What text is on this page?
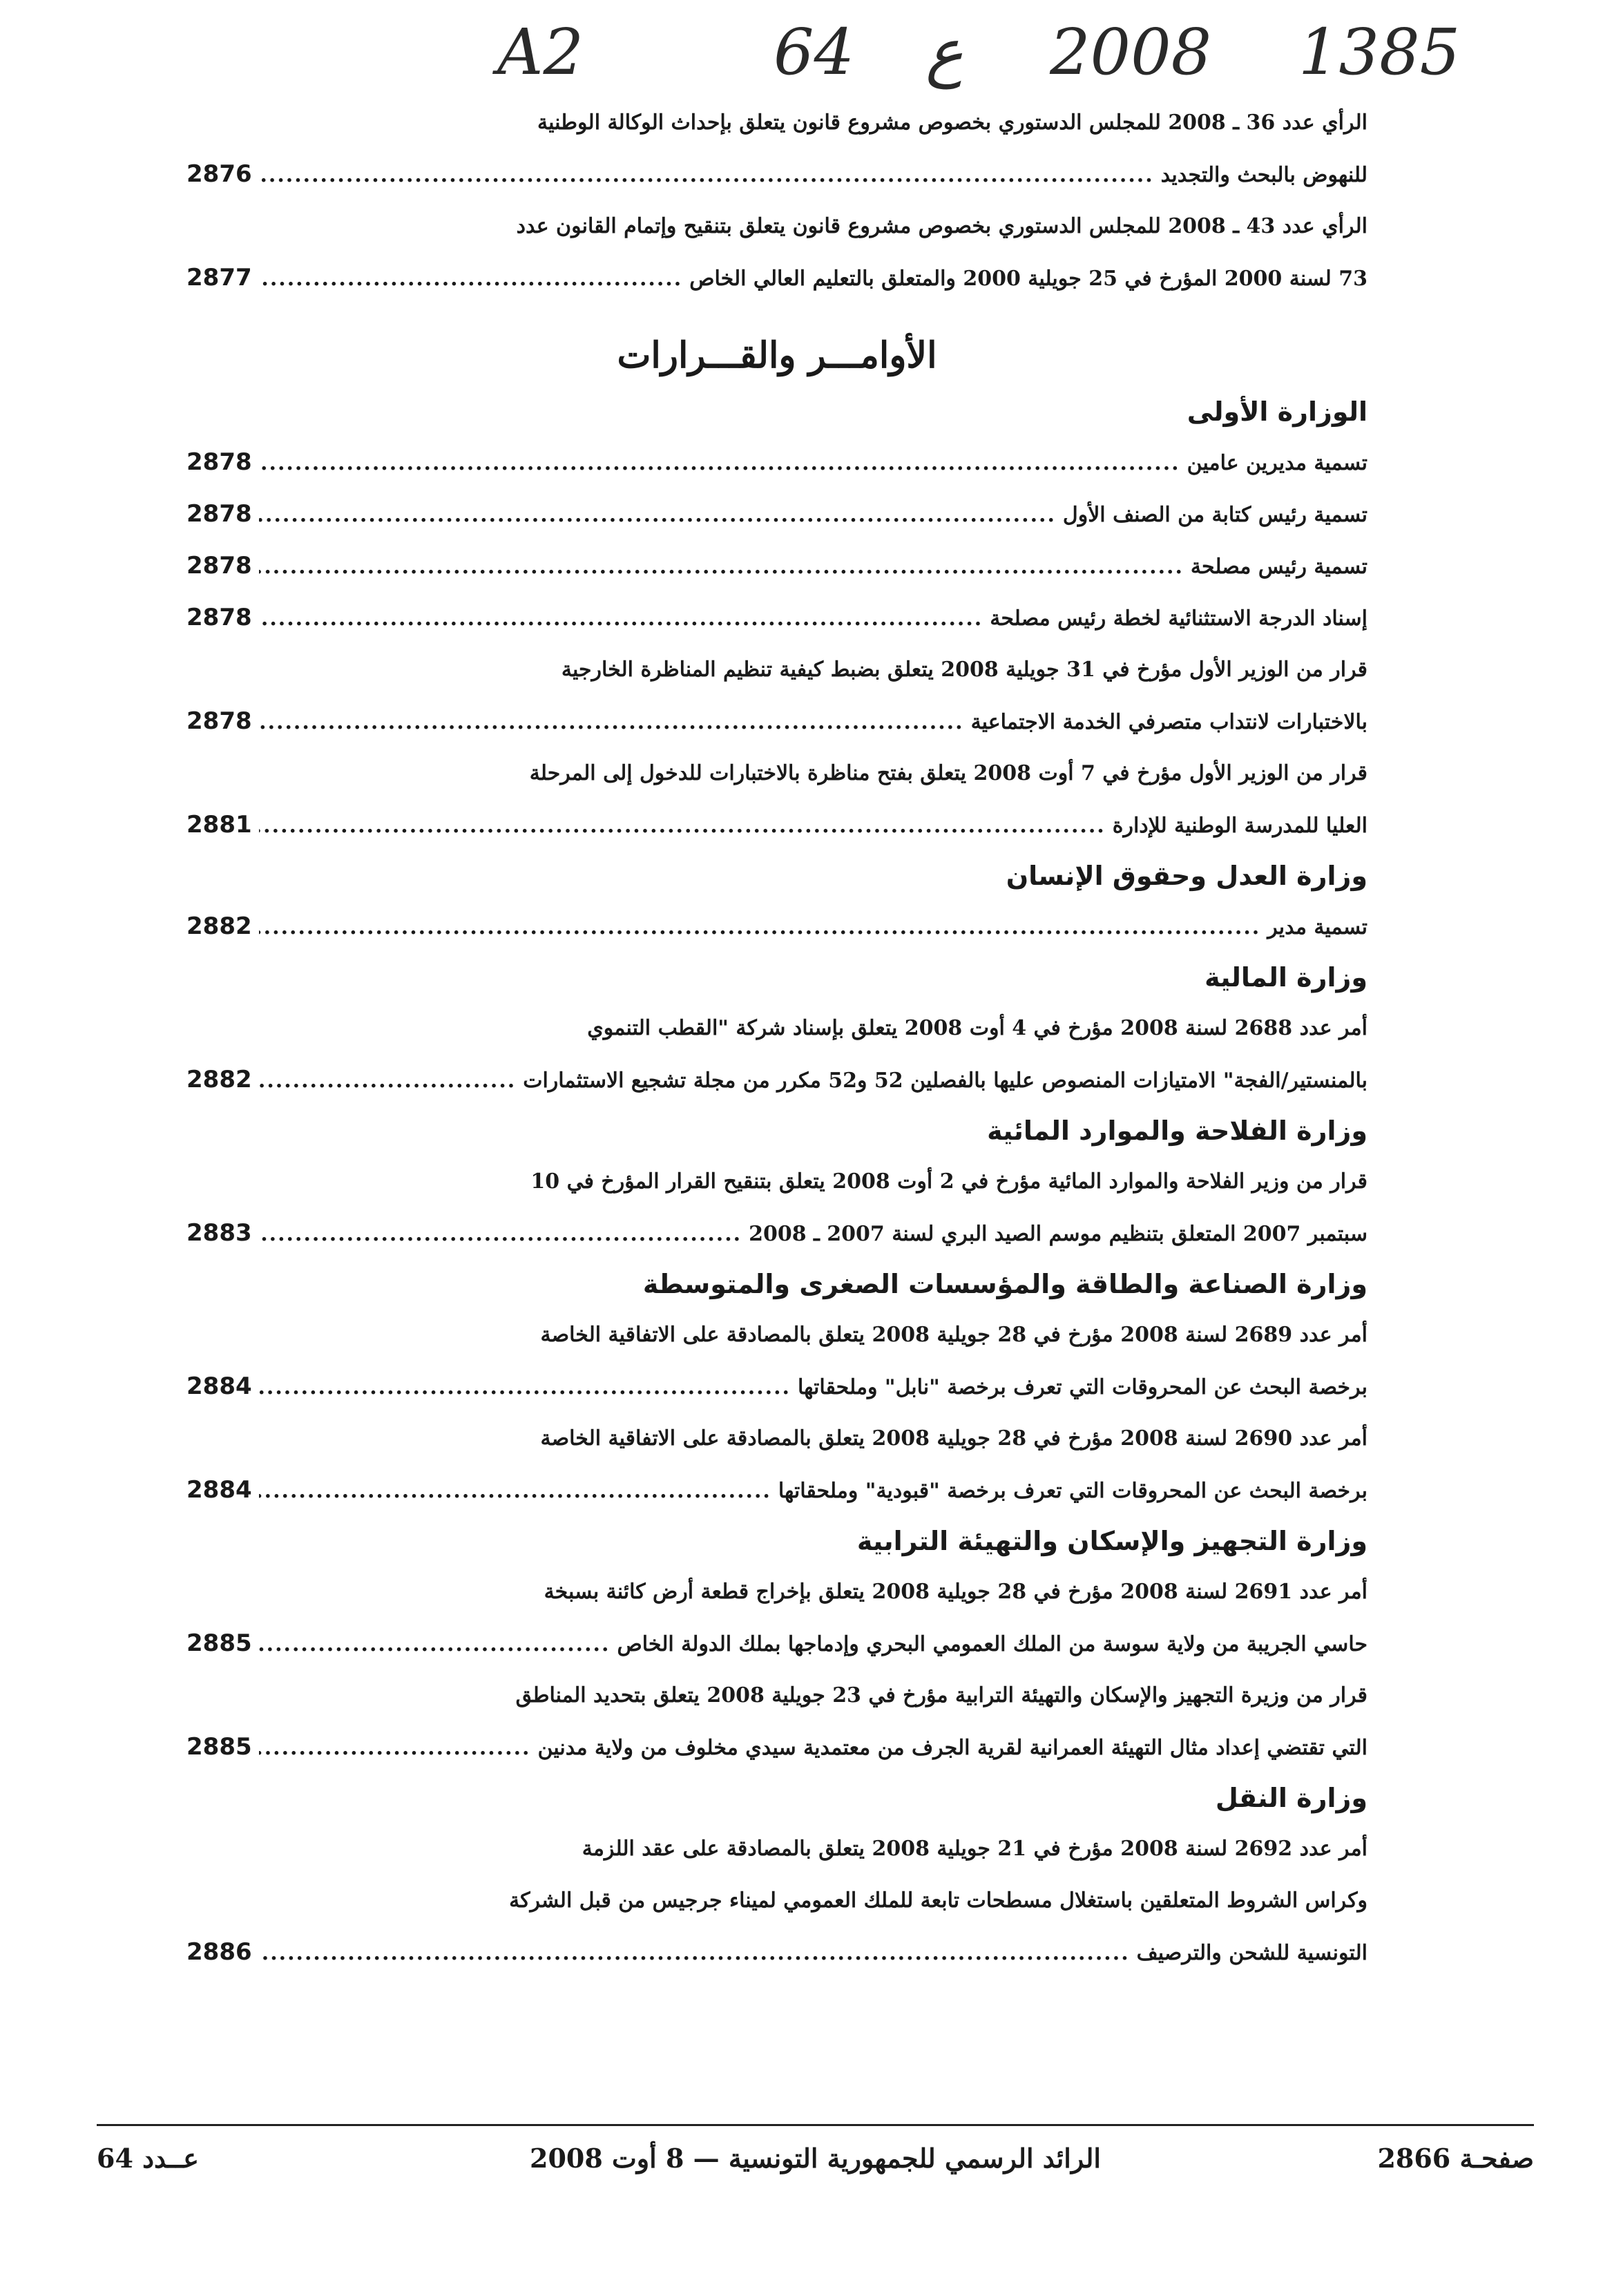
A2	64 ع 2008 1385
الرأي عدد 36 ـ 2008 للمجلس الدستوري بخصوص مشروع قانون يتعلق بإحداث الوكالة الوطنية
للنهوض بالبحث والتجديد
.....
2876
الرأي عدد 43 ـ 2008 للمجلس الدستوري بخصوص مشروع قانون يتعلق بتنقيح وإتمام القانون عدد
73 لسنة 2000 المؤرخ في 25 جويلية 2000 والمتعلق بالتعليم العالي الخاص
.....
2877
الأوامـــر والقـــرارات
الوزارة الأولى
تسمية مديرين عامين
.....
2878
تسمية رئيس كتابة من الصنف الأول
.....
2878
تسمية رئيس مصلحة
.....
2878
إسناد الدرجة الاستثنائية لخطة رئيس مصلحة
.....
2878
قرار من الوزير الأول مؤرخ في 31 جويلية 2008 يتعلق بضبط كيفية تنظيم المناظرة الخارجية
بالاختبارات لانتداب متصرفي الخدمة الاجتماعية
.....
2878
قرار من الوزير الأول مؤرخ في 7 أوت 2008 يتعلق بفتح مناظرة بالاختبارات للدخول إلى المرحلة
العليا للمدرسة الوطنية للإدارة
.....
2881
وزارة العدل وحقوق الإنسان
تسمية مدير
.....
2882
وزارة المالية
أمر عدد 2688 لسنة 2008 مؤرخ في 4 أوت 2008 يتعلق بإسناد شركة "القطب التنموي
بالمنستير/الفجة" الامتيازات المنصوص عليها بالفصلين 52 و52 مكرر من مجلة تشجيع الاستثمارات
.....
2882
وزارة الفلاحة والموارد المائية
قرار من وزير الفلاحة والموارد المائية مؤرخ في 2 أوت 2008 يتعلق بتنقيح القرار المؤرخ في 10
سبتمبر 2007 المتعلق بتنظيم موسم الصيد البري لسنة 2007 ـ 2008
.....
2883
وزارة الصناعة والطاقة والمؤسسات الصغرى والمتوسطة
أمر عدد 2689 لسنة 2008 مؤرخ في 28 جويلية 2008 يتعلق بالمصادقة على الاتفاقية الخاصة
برخصة البحث عن المحروقات التي تعرف برخصة "نابل" وملحقاتها
.....
2884
أمر عدد 2690 لسنة 2008 مؤرخ في 28 جويلية 2008 يتعلق بالمصادقة على الاتفاقية الخاصة
برخصة البحث عن المحروقات التي تعرف برخصة "قبودية" وملحقاتها
.....
2884
وزارة التجهيز والإسكان والتهيئة الترابية
أمر عدد 2691 لسنة 2008 مؤرخ في 28 جويلية 2008 يتعلق بإخراج قطعة أرض كائنة بسبخة
حاسي الجريبة من ولاية سوسة من الملك العمومي البحري وإدماجها بملك الدولة الخاص
.....
2885
قرار من وزيرة التجهيز والإسكان والتهيئة الترابية مؤرخ في 23 جويلية 2008 يتعلق بتحديد المناطق
التي تقتضي إعداد مثال التهيئة العمرانية لقرية الجرف من معتمدية سيدي مخلوف من ولاية مدنين
.....
2885
وزارة النقل
أمر عدد 2692 لسنة 2008 مؤرخ في 21 جويلية 2008 يتعلق بالمصادقة على عقد اللزمة
وكراس الشروط المتعلقين باستغلال مسطحات تابعة للملك العمومي لميناء جرجيس من قبل الشركة
التونسية للشحن والترصيف
.....
2886
صفحـة 2866
الرائد الرسمي للجمهورية التونسية — 8 أوت 2008
عــدد 64
